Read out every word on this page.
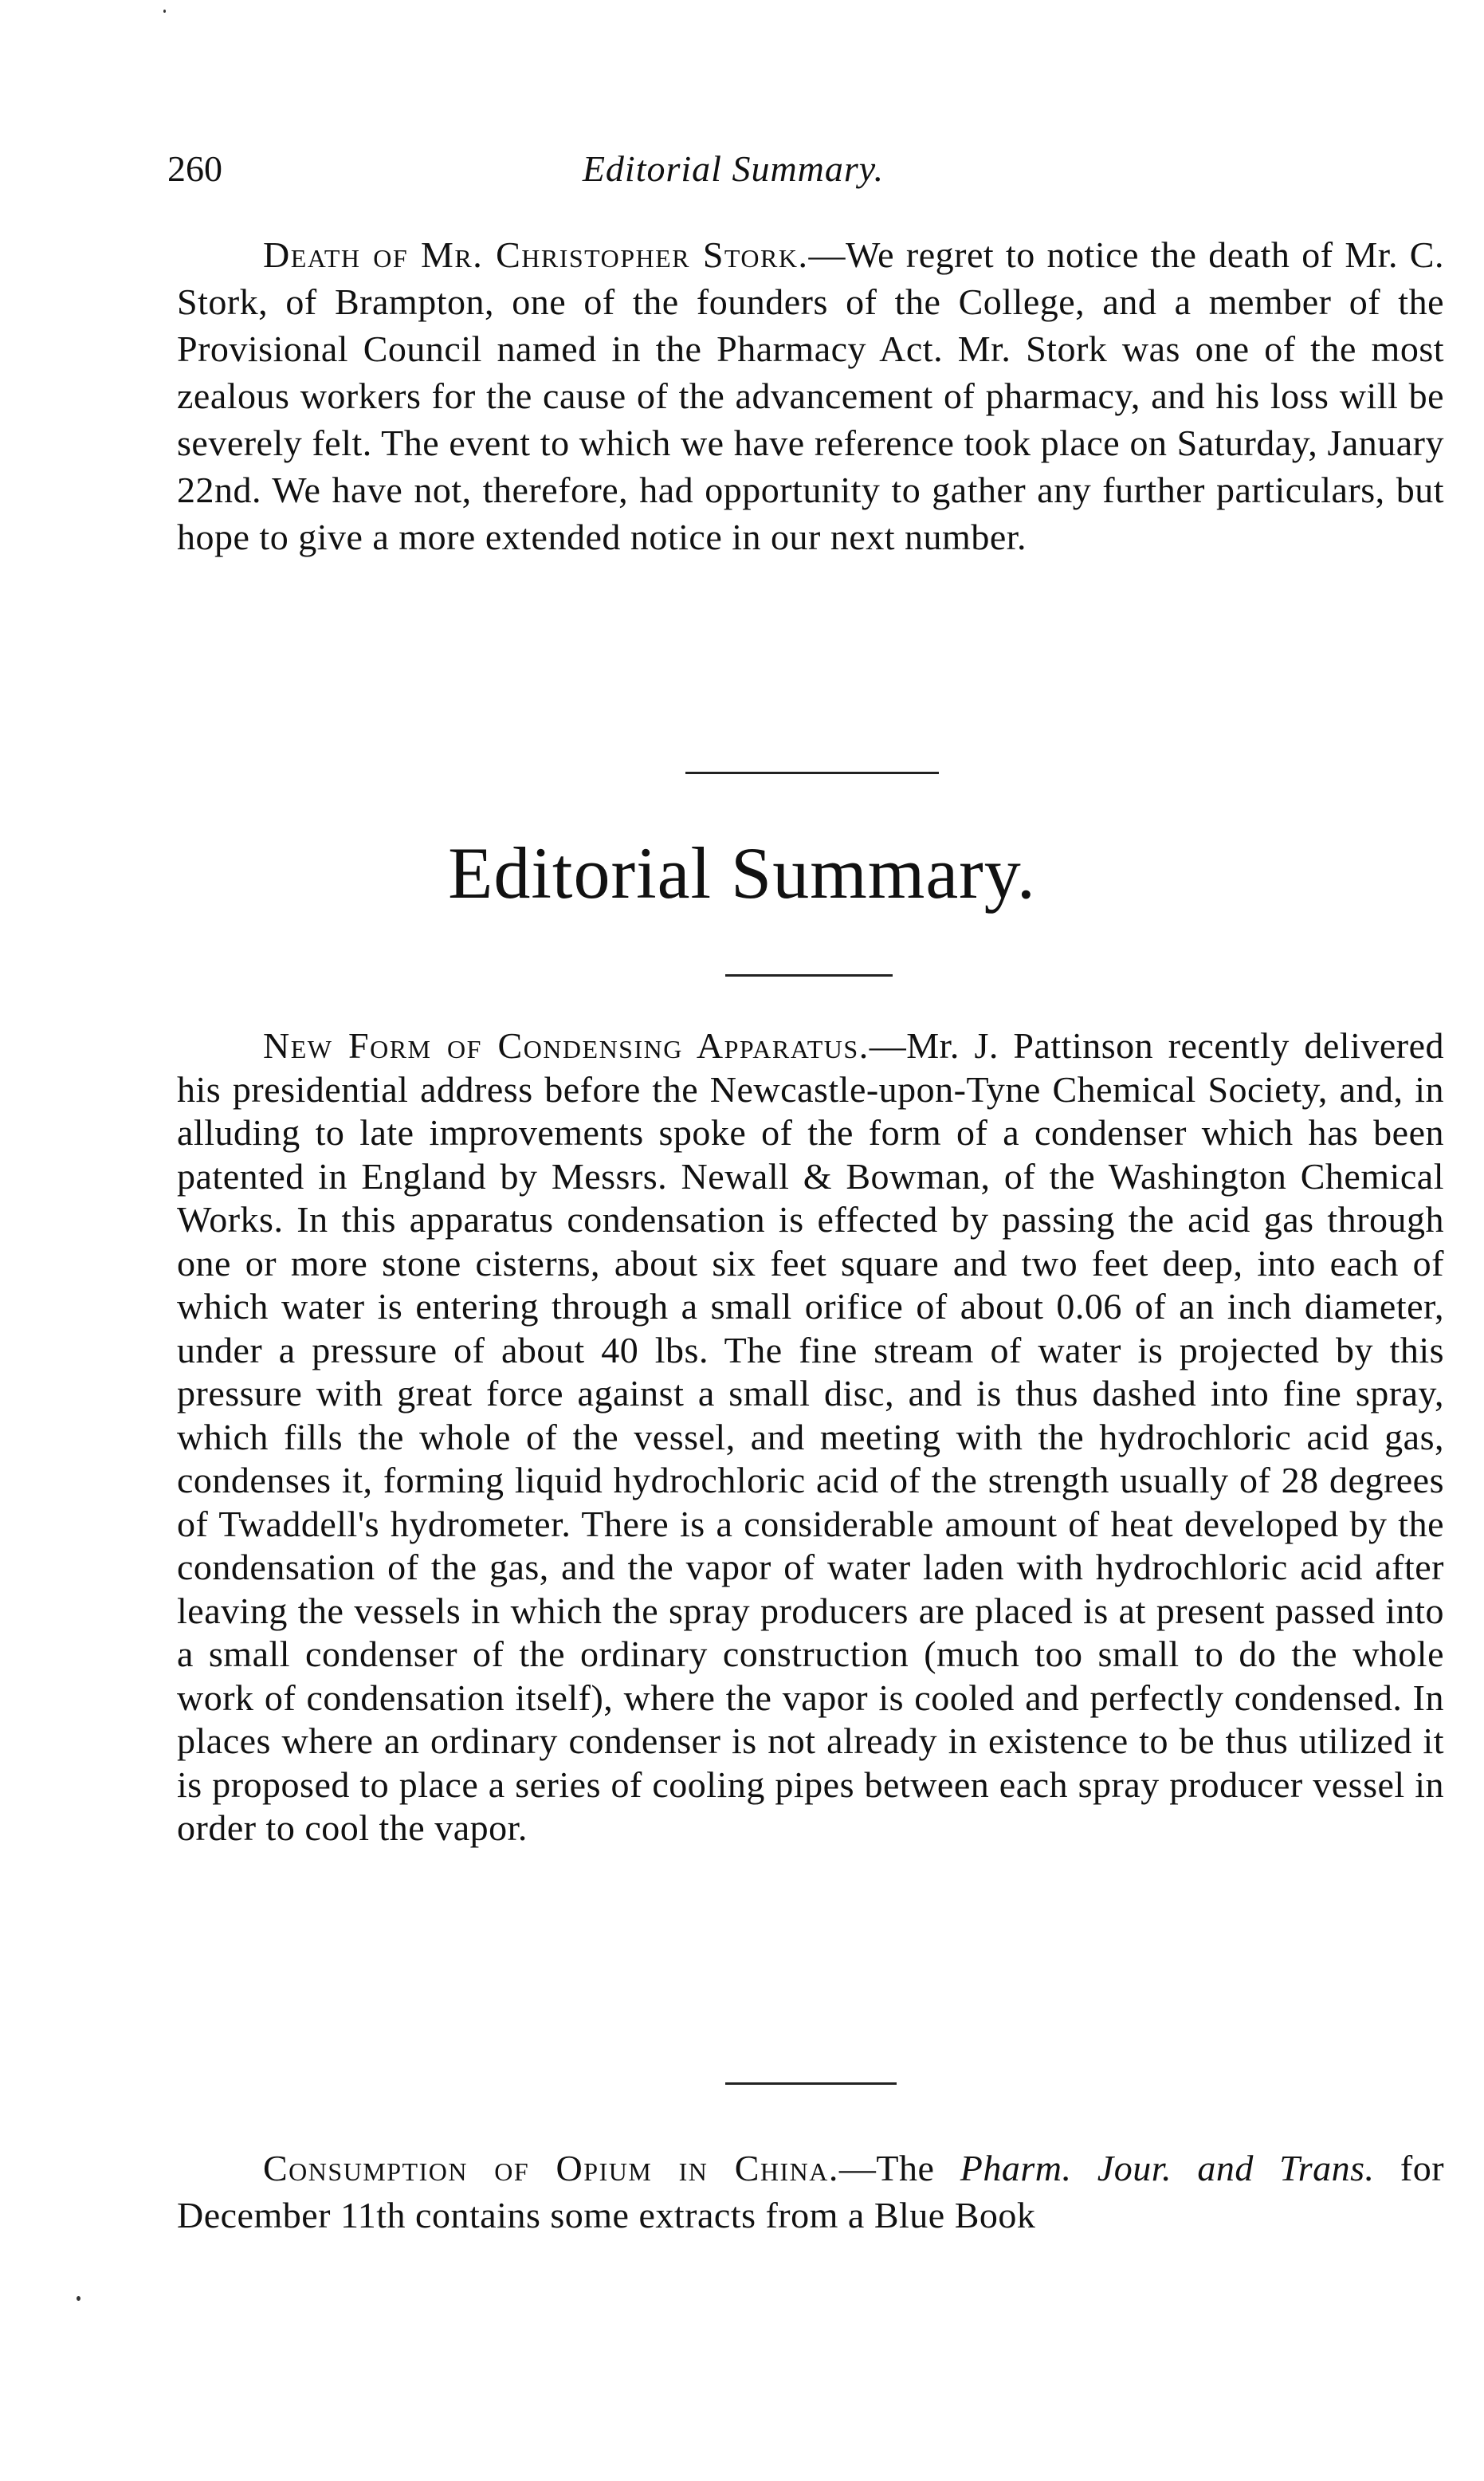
260	Editorial Summary.

Death of Mr. Christopher Stork.—We regret to notice the death of Mr. C. Stork, of Brampton, one of the founders of the College, and a member of the Provisional Council named in the Pharmacy Act. Mr. Stork was one of the most zealous workers for the cause of the advancement of pharmacy, and his loss will be severely felt. The event to which we have reference took place on Saturday, January 22nd. We have not, therefore, had opportunity to gather any further particulars, but hope to give a more extended notice in our next number.

Editorial Summary.

New Form of Condensing Apparatus.—Mr. J. Pattinson recently delivered his presidential address before the Newcastle-upon-Tyne Chemical Society, and, in alluding to late improvements spoke of the form of a condenser which has been patented in England by Messrs. Newall & Bowman, of the Washington Chemical Works. In this apparatus condensation is effected by passing the acid gas through one or more stone cisterns, about six feet square and two feet deep, into each of which water is entering through a small orifice of about 0.06 of an inch diameter, under a pressure of about 40 lbs. The fine stream of water is projected by this pressure with great force against a small disc, and is thus dashed into fine spray, which fills the whole of the vessel, and meeting with the hydrochloric acid gas, condenses it, forming liquid hydrochloric acid of the strength usually of 28 degrees of Twaddell's hydrometer. There is a considerable amount of heat developed by the condensation of the gas, and the vapor of water laden with hydrochloric acid after leaving the vessels in which the spray producers are placed is at present passed into a small condenser of the ordinary construction (much too small to do the whole work of condensation itself), where the vapor is cooled and perfectly condensed. In places where an ordinary condenser is not already in existence to be thus utilized it is proposed to place a series of cooling pipes between each spray producer vessel in order to cool the vapor.

Consumption of Opium in China.—The Pharm. Jour. and Trans. for December 11th contains some extracts from a Blue Book
